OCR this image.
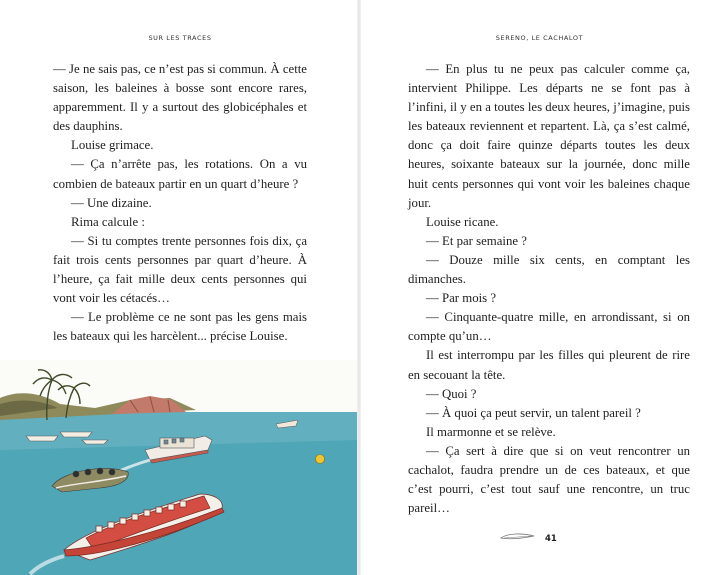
SUR LES TRACES

— Je ne sais pas, ce n’est pas si commun. À cette saison, les baleines à bosse sont encore rares, apparemment. Il y a surtout des globicéphales et des dauphins.

Louise grimace.

— Ça n’arrête pas, les rotations. On a vu combien de bateaux partir en un quart d’heure ?

— Une dizaine.

Rima calcule :

— Si tu comptes trente personnes fois dix, ça fait trois cents personnes par quart d’heure. À l’heure, ça fait mille deux cents personnes qui vont voir les cétacés…

— Le problème ce ne sont pas les gens mais les bateaux qui les harcèlent... précise Louise.

SERENO, LE CACHALOT

— En plus tu ne peux pas calculer comme ça, intervient Philippe. Les départs ne se font pas à l’infini, il y en a toutes les deux heures, j’imagine, puis les bateaux reviennent et repartent. Là, ça s’est calmé, donc ça doit faire quinze départs toutes les deux heures, soixante bateaux sur la journée, donc mille huit cents personnes qui vont voir les baleines chaque jour.

Louise ricane.

— Et par semaine ?

— Douze mille six cents, en comptant les dimanches.

— Par mois ?

— Cinquante-quatre mille, en arrondissant, si on compte qu’un…

Il est interrompu par les filles qui pleurent de rire en secouant la tête.

— Quoi ?

— À quoi ça peut servir, un talent pareil ?

Il marmonne et se relève.

— Ça sert à dire que si on veut rencontrer un cachalot, faudra prendre un de ces bateaux, et que c’est pourri, c’est tout sauf une rencontre, un truc pareil…

41
